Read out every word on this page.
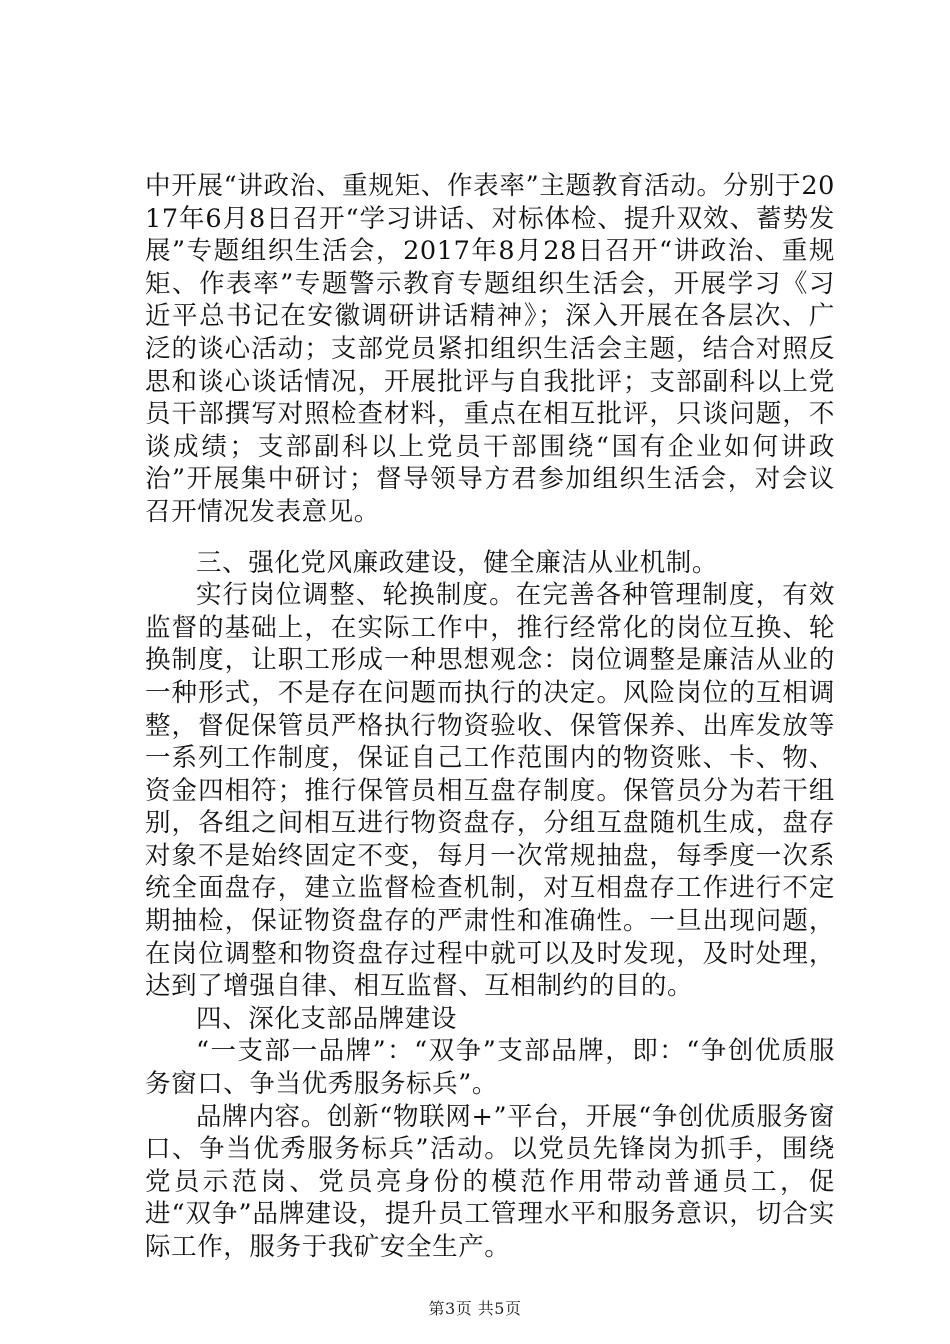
中开展“讲政治、重规矩、作表率”主题教育活动。分别于2017年6月8日召开“学习讲话、对标体检、提升双效、蓄势发展”专题组织生活会，2017年8月28日召开“讲政治、重规矩、作表率”专题警示教育专题组织生活会，开展学习《习近平总书记在安徽调研讲话精神》；深入开展在各层次、广泛的谈心活动；支部党员紧扣组织生活会主题，结合对照反思和谈心谈话情况，开展批评与自我批评；支部副科以上党员干部撰写对照检查材料，重点在相互批评，只谈问题，不谈成绩；支部副科以上党员干部围绕“国有企业如何讲政治”开展集中研讨；督导领导方君参加组织生活会，对会议召开情况发表意见。

三、强化党风廉政建设，健全廉洁从业机制。

实行岗位调整、轮换制度。在完善各种管理制度，有效监督的基础上，在实际工作中，推行经常化的岗位互换、轮换制度，让职工形成一种思想观念：岗位调整是廉洁从业的一种形式，不是存在问题而执行的决定。风险岗位的互相调整，督促保管员严格执行物资验收、保管保养、出库发放等一系列工作制度，保证自己工作范围内的物资账、卡、物、资金四相符；推行保管员相互盘存制度。保管员分为若干组别，各组之间相互进行物资盘存，分组互盘随机生成，盘存对象不是始终固定不变，每月一次常规抽盘，每季度一次系统全面盘存，建立监督检查机制，对互相盘存工作进行不定期抽检，保证物资盘存的严肃性和准确性。一旦出现问题，在岗位调整和物资盘存过程中就可以及时发现，及时处理，达到了增强自律、相互监督、互相制约的目的。

四、深化支部品牌建设

“一支部一品牌”：“双争”支部品牌，即：“争创优质服务窗口、争当优秀服务标兵”。

品牌内容。创新“物联网+”平台，开展“争创优质服务窗口、争当优秀服务标兵”活动。以党员先锋岗为抓手，围绕党员示范岗、党员亮身份的模范作用带动普通员工，促进“双争”品牌建设，提升员工管理水平和服务意识，切合实际工作，服务于我矿安全生产。

第3页 共5页
